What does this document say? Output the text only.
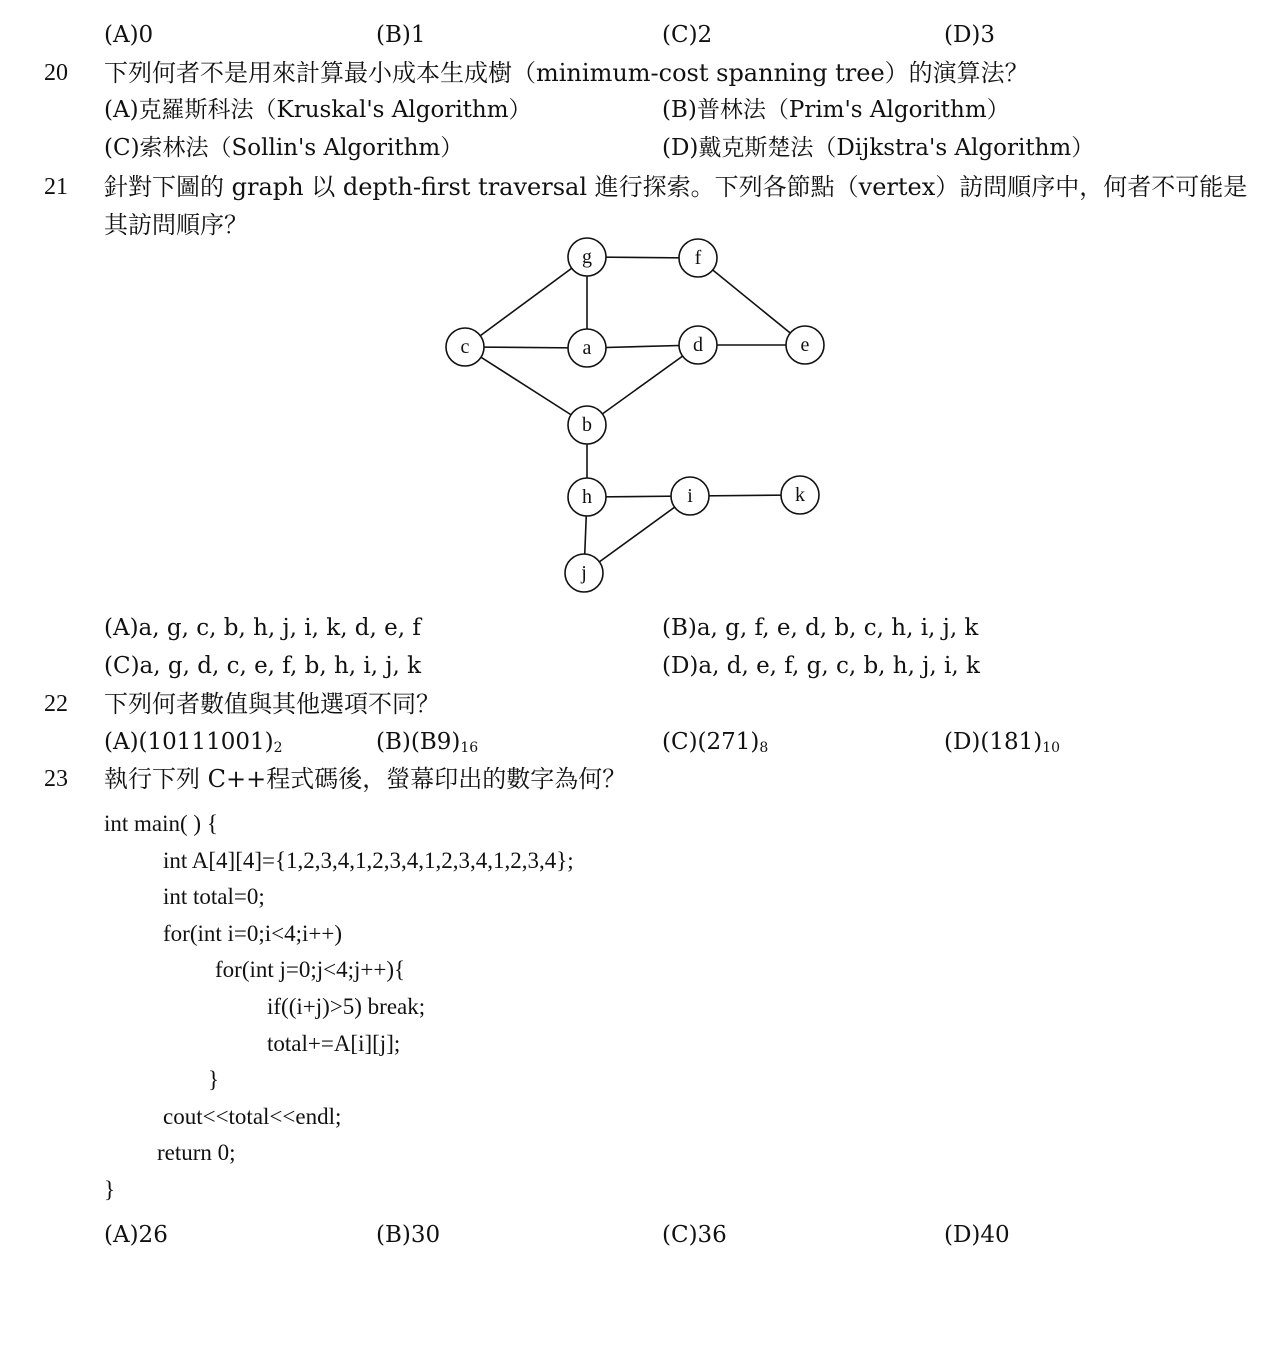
(A)0	(B)1	(C)2	(D)3
20 下列何者不是用來計算最小成本生成樹（minimum-cost spanning tree）的演算法？
(A)克羅斯科法（Kruskal's Algorithm）	(B)普林法（Prim's Algorithm）
(C)索林法（Sollin's Algorithm）	(D)戴克斯楚法（Dijkstra's Algorithm）
21 針對下圖的 graph 以 depth-first traversal 進行探索。下列各節點（vertex）訪問順序中，何者不可能是
其訪問順序？
g	f
c	a	d	e
b
h	i	k
j
(A)a, g, c, b, h, j, i, k, d, e, f	(B)a, g, f, e, d, b, c, h, i, j, k
(C)a, g, d, c, e, f, b, h, i, j, k	(D)a, d, e, f, g, c, b, h, j, i, k
22 下列何者數值與其他選項不同？
$(A)(10111001)_2$	$(B)(B9)_{16}$	$(C)(271)_8$	$(D)(181)_{10}$
23 執行下列 C++程式碼後，螢幕印出的數字為何？
int main( ) {
int A[4][4]={1,2,3,4,1,2,3,4,1,2,3,4,1,2,3,4};
int total=0;
for(int i=0;i<4;i++)
for(int j=0;j<4;j++){
if((i+j)>5) break;
total+=A[i][j];
}
cout<<total<<endl;
return 0;
}
(A)26	(B)30	(C)36	(D)40
